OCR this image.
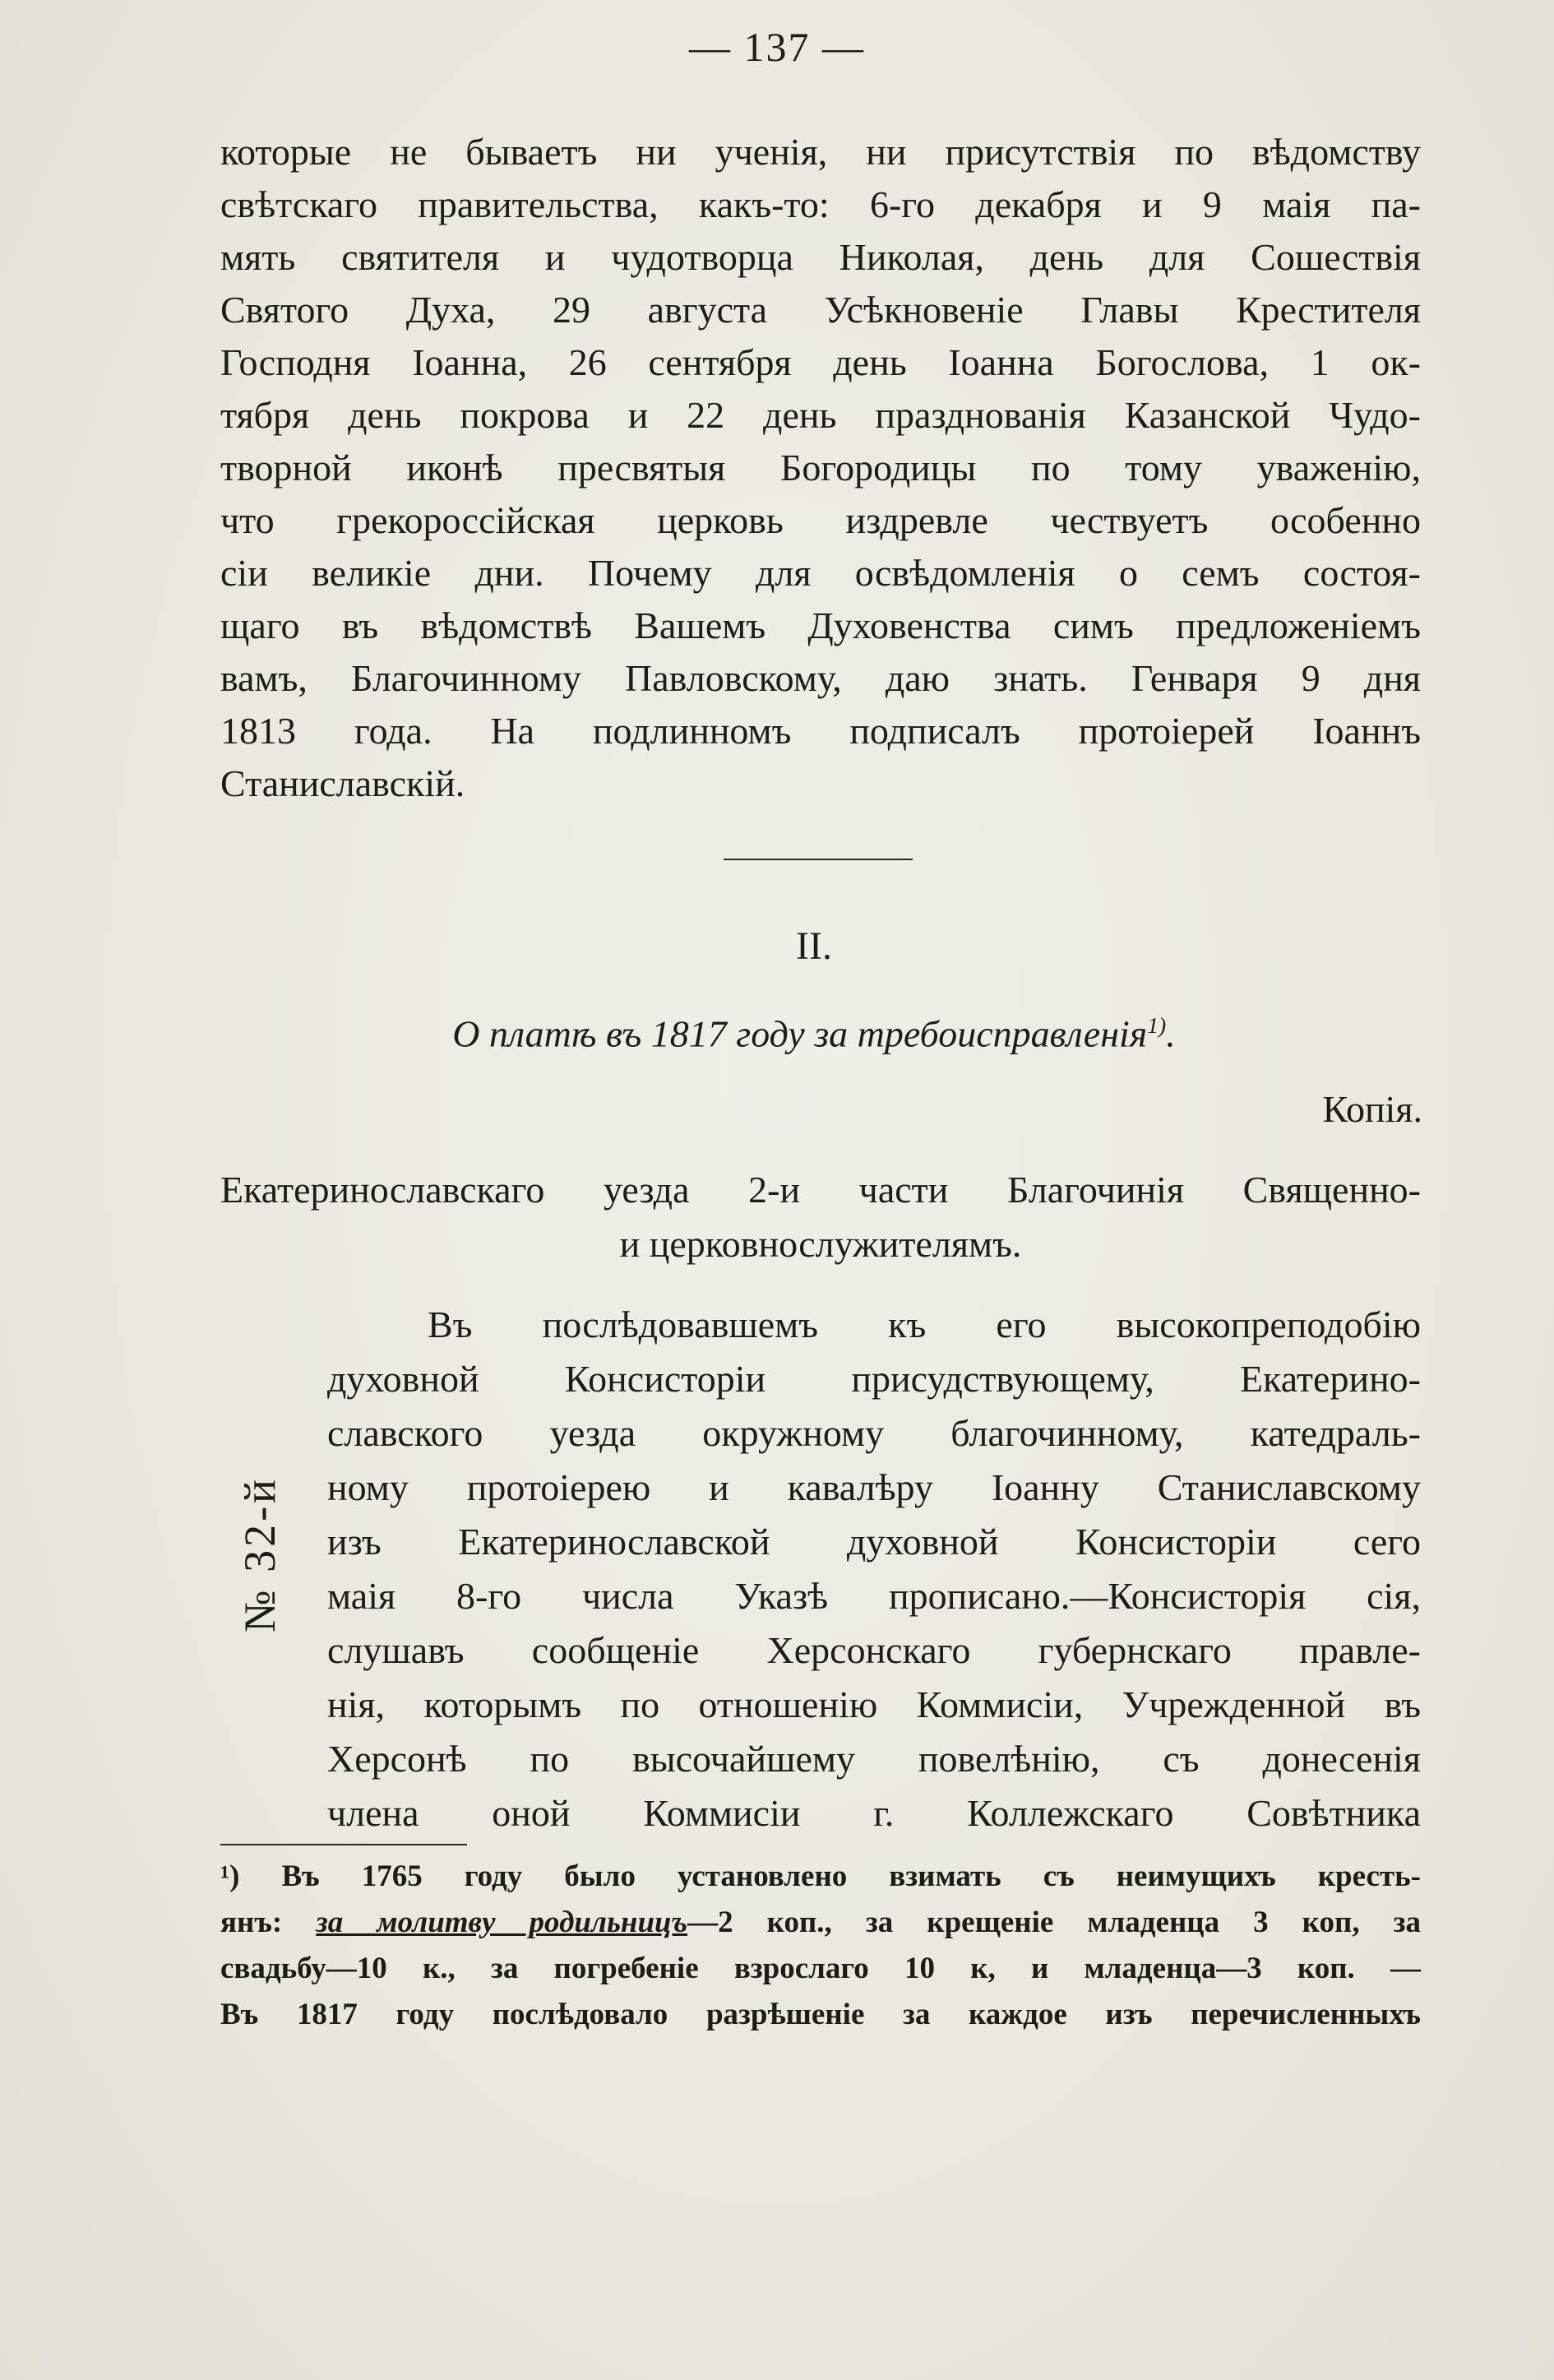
— 137 —
которые не бываетъ ни ученія, ни присутствія по вѣдомству
свѣтскаго правительства, какъ-то: 6-го декабря и 9 маія па-
мять святителя и чудотворца Николая, день для Сошествія
Святого Духа, 29 августа Усѣкновеніе Главы Крестителя
Господня Іоанна, 26 сентября день Іоанна Богослова, 1 ок-
тября день покрова и 22 день празднованія Казанской Чудо-
творной иконѣ пресвятыя Богородицы по тому уваженію,
что грекороссійская церковь издревле чествуетъ особенно
сіи великіе дни. Почему для освѣдомленія о семъ состоя-
щаго въ вѣдомствѣ Вашемъ Духовенства симъ предложеніемъ
вамъ, Благочинному Павловскому, даю знать. Генваря 9 дня
1813 года. На подлинномъ подписалъ протоіерей Іоаннъ
Станиславскій.
II.
О платѣ въ 1817 году за требоисправленія$^{1)}$.
Копія.
Екатеринославскаго уезда 2-и части Благочинія Священно-
и церковнослужителямъ.
Въ послѣдовавшемъ къ его высокопреподобію
духовной Консисторіи присудствующему, Екатерино-
славского уезда окружному благочинному, катедраль-
ному протоіерею и кавалѣру Іоанну Станиславскому
изъ Екатеринославской духовной Консисторіи сего
маія 8-го числа Указѣ прописано.—Консисторія сія,
слушавъ сообщеніе Херсонскаго губернскаго правле-
нія, которымъ по отношенію Коммисіи, Учрежденной въ
Херсонѣ по высочайшему повелѣнію, съ донесенія
члена оной Коммисіи г. Коллежскаго Совѣтника
№ 32-й
¹) Въ 1765 году было установлено взимать съ неимущихъ кресть-
янъ: за молитву родильницъ—2 коп., за крещеніе младенца 3 коп, за
свадьбу—10 к., за погребеніе взрослаго 10 к, и младенца—3 коп. —
Въ 1817 году послѣдовало разрѣшеніе за каждое изъ перечисленныхъ
